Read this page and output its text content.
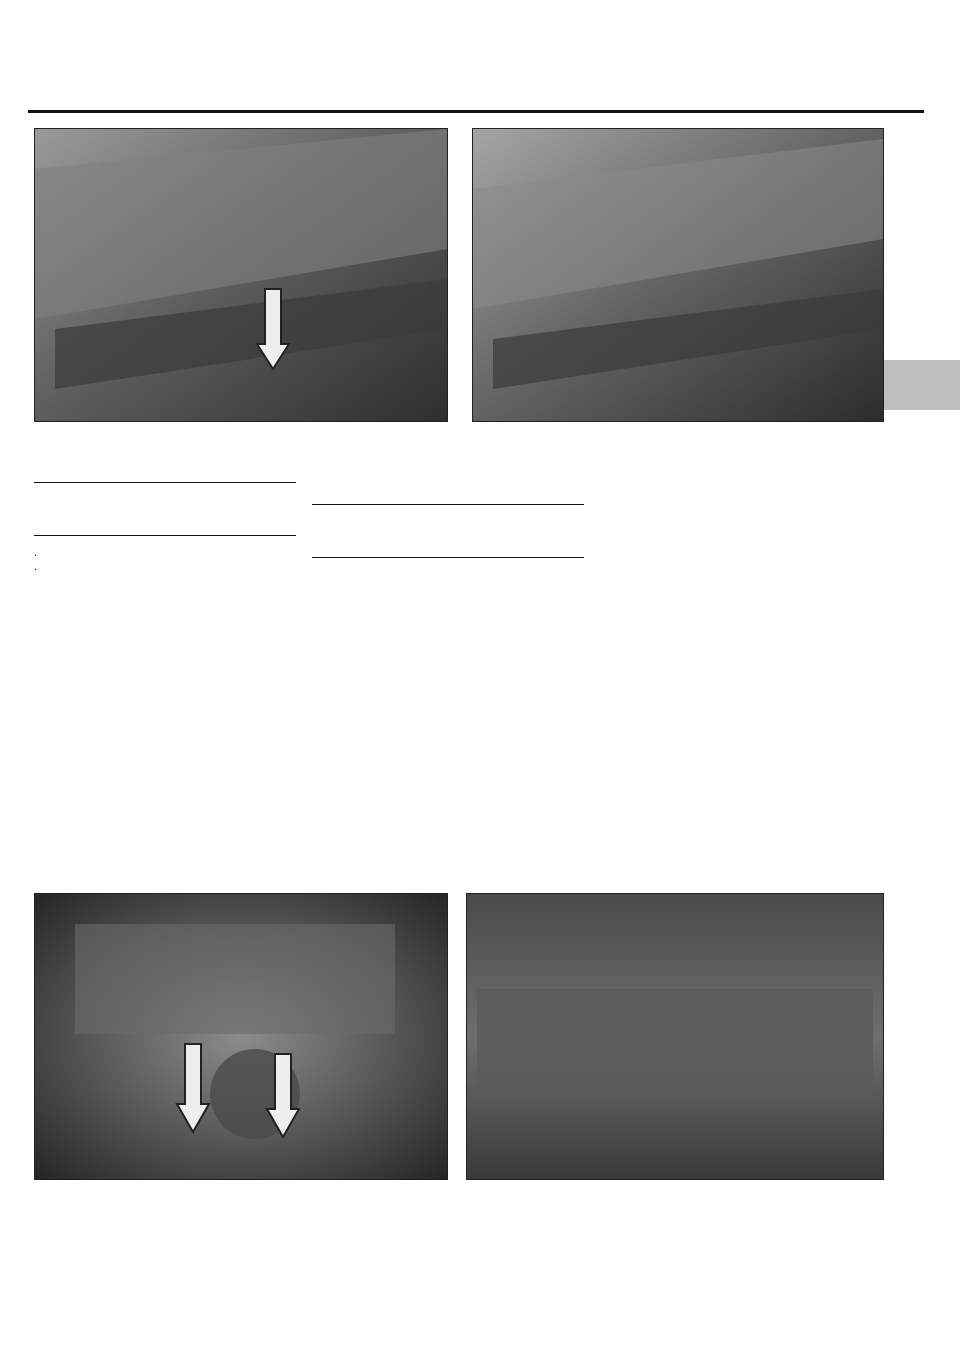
.

.
